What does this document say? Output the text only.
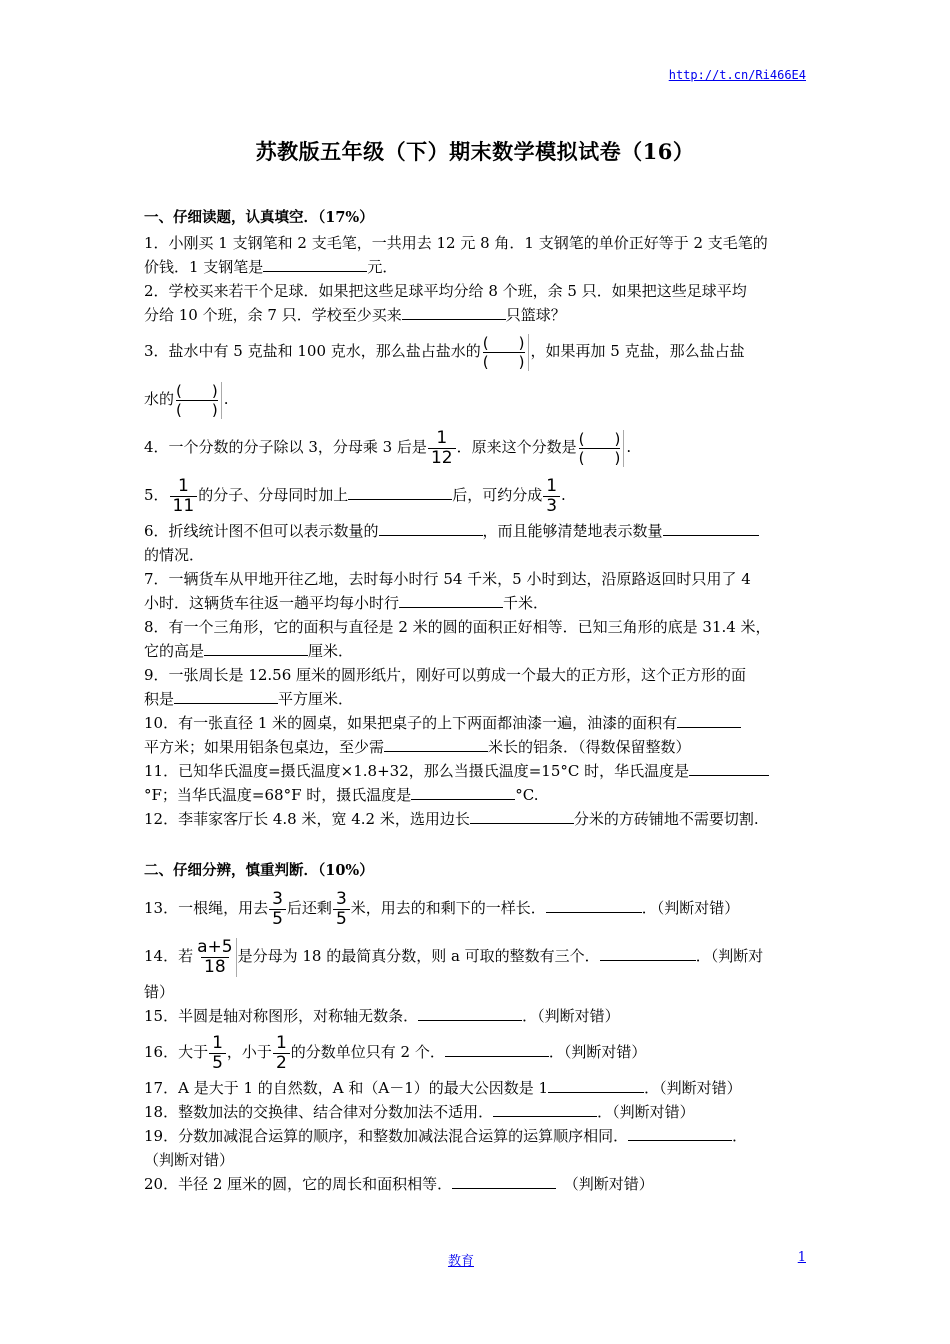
http://t.cn/Ri466E4
苏教版五年级（下）期末数学模拟试卷（16）
一、仔细读题，认真填空．（17%）
1．小刚买 1 支钢笔和 2 支毛笔，一共用去 12 元 8 角．1 支钢笔的单价正好等于 2 支毛笔的
价钱．1 支钢笔是	元．
2．学校买来若干个足球．如果把这些足球平均分给 8 个班，余 5 只．如果把这些足球平均
分给 10 个班，余 7 只．学校至少买来	只篮球？
3．盐水中有 5 克盐和 100 克水，那么盐占盐水的 (　　)
(　　)
，如果再加 5 克盐，那么盐占盐
水的 (　　)
(　　)
.
4．一个分数的分子除以 3，分母乘 3 后是 $\frac{1}{12}$ ．原来这个分数是 (　　)
(　　)
.
5． $\frac{1}{11}$ 的分子、分母同时加上	后，可约分成 $\frac{1}{3}$ .
6．折线统计图不但可以表示数量的	，而且能够清楚地表示数量
的情况．
7．一辆货车从甲地开往乙地，去时每小时行 54 千米，5 小时到达，沿原路返回时只用了 4
小时．这辆货车往返一趟平均每小时行	千米．
8．有一个三角形，它的面积与直径是 2 米的圆的面积正好相等．已知三角形的底是 31.4 米，
它的高是	厘米．
9．一张周长是 12.56 厘米的圆形纸片，刚好可以剪成一个最大的正方形，这个正方形的面
积是	平方厘米．
10．有一张直径 1 米的圆桌，如果把桌子的上下两面都油漆一遍，油漆的面积有
平方米；如果用铝条包桌边，至少需	米长的铝条．（得数保留整数）
11．已知华氏温度=摄氏温度×1.8+32，那么当摄氏温度=15°C 时，华氏温度是
°F；当华氏温度=68°F 时，摄氏温度是	°C.
12．李菲家客厅长 4.8 米，宽 4.2 米，选用边长	分米的方砖铺地不需要切割.
二、仔细分辨，慎重判断．（10%）
13．一根绳，用去 $\frac{3}{5}$ 后还剩 $\frac{3}{5}$ 米，用去的和剩下的一样长．	．（判断对错）
14．若 $\frac{a+5}{18}$ 是分母为 18 的最简真分数，则 a 可取的整数有三个．	．（判断对
错）
15．半圆是轴对称图形，对称轴无数条．	．（判断对错）
16．大于 $\frac{1}{5}$ ，小于 $\frac{1}{2}$ 的分数单位只有 2 个．	．（判断对错）
17．A 是大于 1 的自然数，A 和（A－1）的最大公因数是 1	．（判断对错）
18．整数加法的交换律、结合律对分数加法不适用．	．（判断对错）
19．分数加减混合运算的顺序，和整数加减法混合运算的运算顺序相同．	．
（判断对错）
20．半径 2 厘米的圆，它的周长和面积相等．　	（判断对错）
教育	1
